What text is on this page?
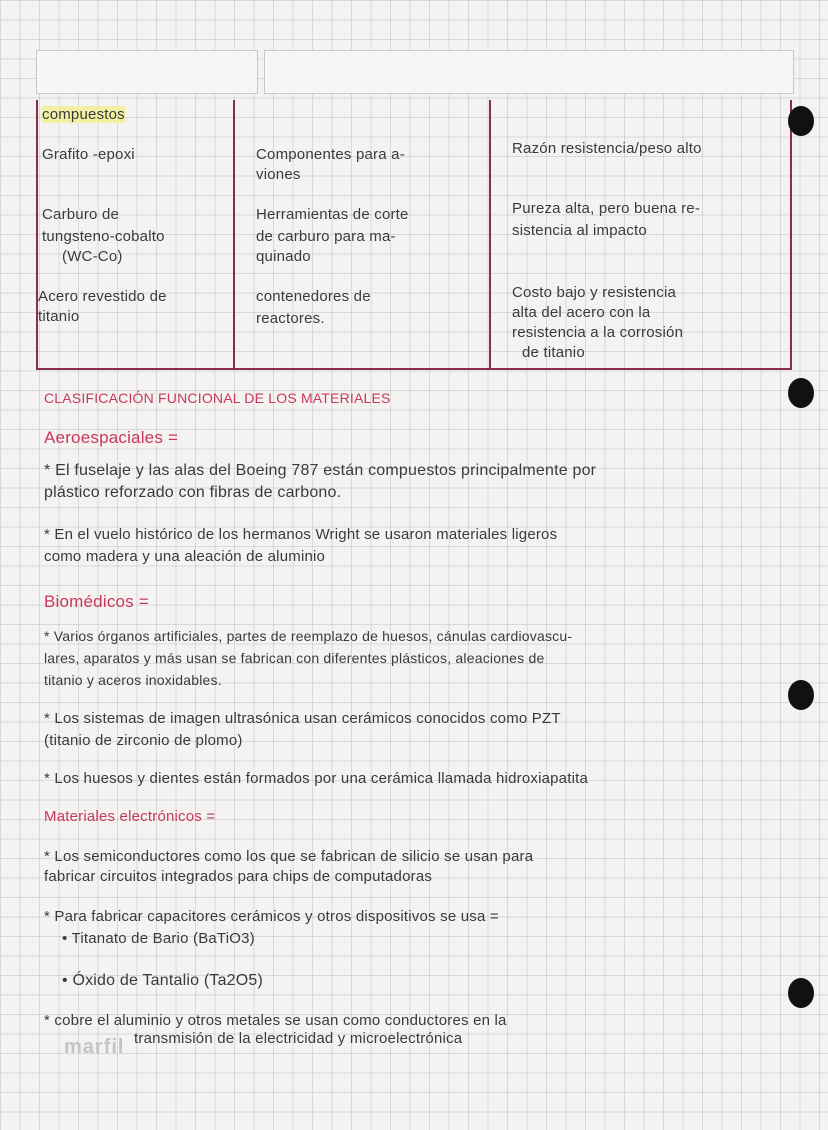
compuestos
Grafito -epoxi	Componentes para a-
viones
Razón resistencia/peso alto
Carburo de
tungsteno-cobalto
(WC-Co)
Herramientas de corte
de carburo para ma-
quinado
Pureza alta, pero buena re-
sistencia al impacto
Acero revestido de
titanio
contenedores de
reactores.
Costo bajo y resistencia
alta del acero con la
resistencia a la corrosión
de titanio
CLASIFICACIÓN FUNCIONAL DE LOS MATERIALES
Aeroespaciales =
* El fuselaje y las alas del Boeing 787 están compuestos principalmente por
plástico reforzado con fibras de carbono.
* En el vuelo histórico de los hermanos Wright se usaron materiales ligeros
como madera y una aleación de aluminio
Biomédicos =
* Varios órganos artificiales, partes de reemplazo de huesos, cánulas cardiovascu-
lares, aparatos y más usan se fabrican con diferentes plásticos, aleaciones de
titanio y aceros inoxidables.
* Los sistemas de imagen ultrasónica usan cerámicos conocidos como PZT
(titanio de zirconio de plomo)
* Los huesos y dientes están formados por una cerámica llamada hidroxiapatita
Materiales electrónicos =
* Los semiconductores como los que se fabrican de silicio se usan para
fabricar circuitos integrados para chips de computadoras
* Para fabricar capacitores cerámicos y otros dispositivos se usa =
• Titanato de Bario (BaTiO3)
• Óxido de Tantalio (Ta2O5)
* cobre el aluminio y otros metales se usan como conductores en la
transmisión de la electricidad y microelectrónica
marfil
